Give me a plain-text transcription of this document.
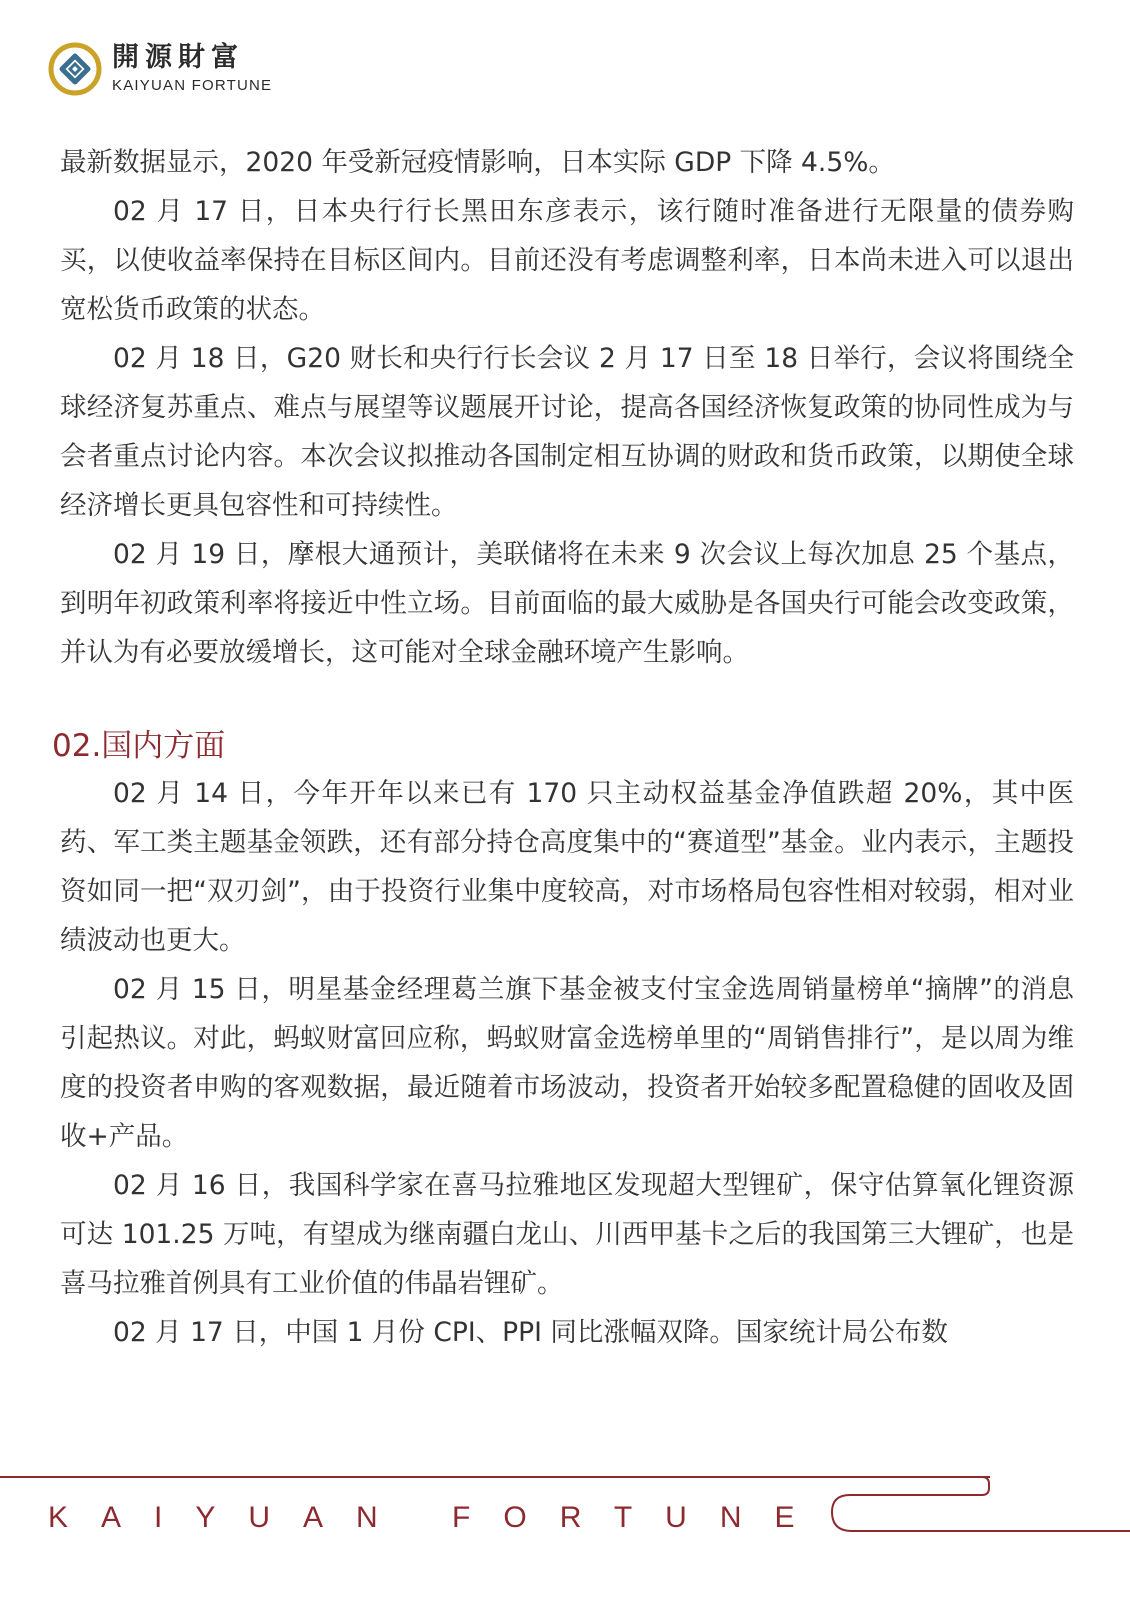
開源財富
KAIYUAN FORTUNE

最新数据显示，2020 年受新冠疫情影响，日本实际 GDP 下降 4.5%。

02 月 17 日，日本央行行长黑田东彦表示，该行随时准备进行无限量的债券购买，以使收益率保持在目标区间内。目前还没有考虑调整利率，日本尚未进入可以退出宽松货币政策的状态。

02 月 18 日，G20 财长和央行行长会议 2 月 17 日至 18 日举行，会议将围绕全球经济复苏重点、难点与展望等议题展开讨论，提高各国经济恢复政策的协同性成为与会者重点讨论内容。本次会议拟推动各国制定相互协调的财政和货币政策，以期使全球经济增长更具包容性和可持续性。

02 月 19 日，摩根大通预计，美联储将在未来 9 次会议上每次加息 25 个基点，到明年初政策利率将接近中性立场。目前面临的最大威胁是各国央行可能会改变政策，并认为有必要放缓增长，这可能对全球金融环境产生影响。

02.国内方面

02 月 14 日，今年开年以来已有 170 只主动权益基金净值跌超 20%，其中医药、军工类主题基金领跌，还有部分持仓高度集中的“赛道型”基金。业内表示，主题投资如同一把“双刃剑”，由于投资行业集中度较高，对市场格局包容性相对较弱，相对业绩波动也更大。

02 月 15 日，明星基金经理葛兰旗下基金被支付宝金选周销量榜单“摘牌”的消息引起热议。对此，蚂蚁财富回应称，蚂蚁财富金选榜单里的“周销售排行”，是以周为维度的投资者申购的客观数据，最近随着市场波动，投资者开始较多配置稳健的固收及固收+产品。

02 月 16 日，我国科学家在喜马拉雅地区发现超大型锂矿，保守估算氧化锂资源可达 101.25 万吨，有望成为继南疆白龙山、川西甲基卡之后的我国第三大锂矿，也是喜马拉雅首例具有工业价值的伟晶岩锂矿。

02 月 17 日，中国 1 月份 CPI、PPI 同比涨幅双降。国家统计局公布数

KAIYUAN FORTUNE
